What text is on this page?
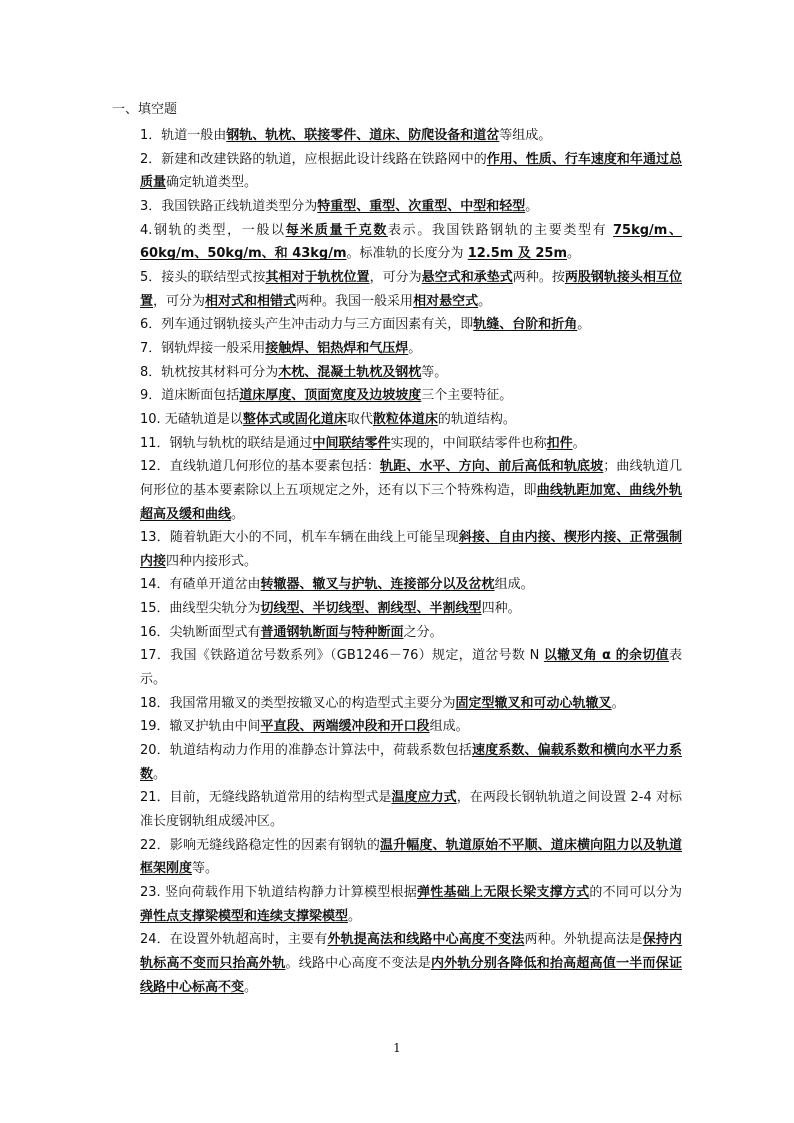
一、填空题
1．轨道一般由钢轨、轨枕、联接零件、道床、防爬设备和道岔等组成。
2．新建和改建铁路的轨道，应根据此设计线路在铁路网中的作用、性质、行车速度和年通过总质量确定轨道类型。
3．我国铁路正线轨道类型分为特重型、重型、次重型、中型和轻型。
4.钢轨的类型，一般以每米质量千克数表示。我国铁路钢轨的主要类型有 75kg/m、60kg/m、50kg/m、和 43kg/m。标准轨的长度分为 12.5m 及 25m。
5．接头的联结型式按其相对于轨枕位置，可分为悬空式和承垫式两种。按两股钢轨接头相互位置，可分为相对式和相错式两种。我国一般采用相对悬空式。
6．列车通过钢轨接头产生冲击动力与三方面因素有关，即轨缝、台阶和折角。
7．钢轨焊接一般采用接触焊、铝热焊和气压焊。
8．轨枕按其材料可分为木枕、混凝土轨枕及钢枕等。
9．道床断面包括道床厚度、顶面宽度及边坡坡度三个主要特征。
10. 无碴轨道是以整体式或固化道床取代散粒体道床的轨道结构。
11．钢轨与轨枕的联结是通过中间联结零件实现的，中间联结零件也称扣件。
12．直线轨道几何形位的基本要素包括：轨距、水平、方向、前后高低和轨底坡；曲线轨道几何形位的基本要素除以上五项规定之外，还有以下三个特殊构造，即曲线轨距加宽、曲线外轨超高及缓和曲线。
13．随着轨距大小的不同，机车车辆在曲线上可能呈现斜接、自由内接、楔形内接、正常强制内接四种内接形式。
14．有碴单开道岔由转辙器、辙叉与护轨、连接部分以及岔枕组成。
15．曲线型尖轨分为切线型、半切线型、割线型、半割线型四种。
16．尖轨断面型式有普通钢轨断面与特种断面之分。
17．我国《铁路道岔号数系列》（GB1246－76）规定，道岔号数 N 以辙叉角 α 的余切值表示。
18．我国常用辙叉的类型按辙叉心的构造型式主要分为固定型辙叉和可动心轨辙叉。
19．辙叉护轨由中间平直段、两端缓冲段和开口段组成。
20．轨道结构动力作用的准静态计算法中，荷载系数包括速度系数、偏载系数和横向水平力系数。
21．目前，无缝线路轨道常用的结构型式是温度应力式，在两段长钢轨轨道之间设置 2-4 对标准长度钢轨组成缓冲区。
22．影响无缝线路稳定性的因素有钢轨的温升幅度、轨道原始不平顺、道床横向阻力以及轨道框架刚度等。
23. 竖向荷载作用下轨道结构静力计算模型根据弹性基础上无限长梁支撑方式的不同可以分为弹性点支撑梁模型和连续支撑梁模型。
24．在设置外轨超高时，主要有外轨提高法和线路中心高度不变法两种。外轨提高法是保持内轨标高不变而只抬高外轨。线路中心高度不变法是内外轨分别各降低和抬高超高值一半而保证线路中心标高不变。
1
